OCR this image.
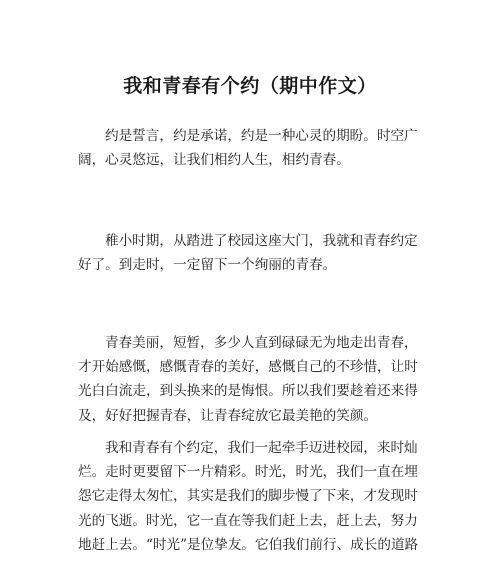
我和青春有个约（期中作文）

约是誓言，约是承诺，约是一种心灵的期盼。时空广
阔，心灵悠远，让我们相约人生，相约青春。

稚小时期，从踏进了校园这座大门，我就和青春约定
好了。到走时，一定留下一个绚丽的青春。

青春美丽，短暂，多少人直到碌碌无为地走出青春，
才开始感慨，感慨青春的美好，感慨自己的不珍惜，让时
光白白流走，到头换来的是悔恨。所以我们要趁着还来得
及，好好把握青春，让青春绽放它最美艳的笑颜。

我和青春有个约定，我们一起牵手迈进校园，来时灿
烂。走时更要留下一片精彩。时光，时光，我们一直在埋
怨它走得太匆忙，其实是我们的脚步慢了下来，才发现时
光的飞逝。时光，它一直在等我们赶上去，赶上去，努力
地赶上去。“时光”是位挚友。它伯我们前行、成长的道路
